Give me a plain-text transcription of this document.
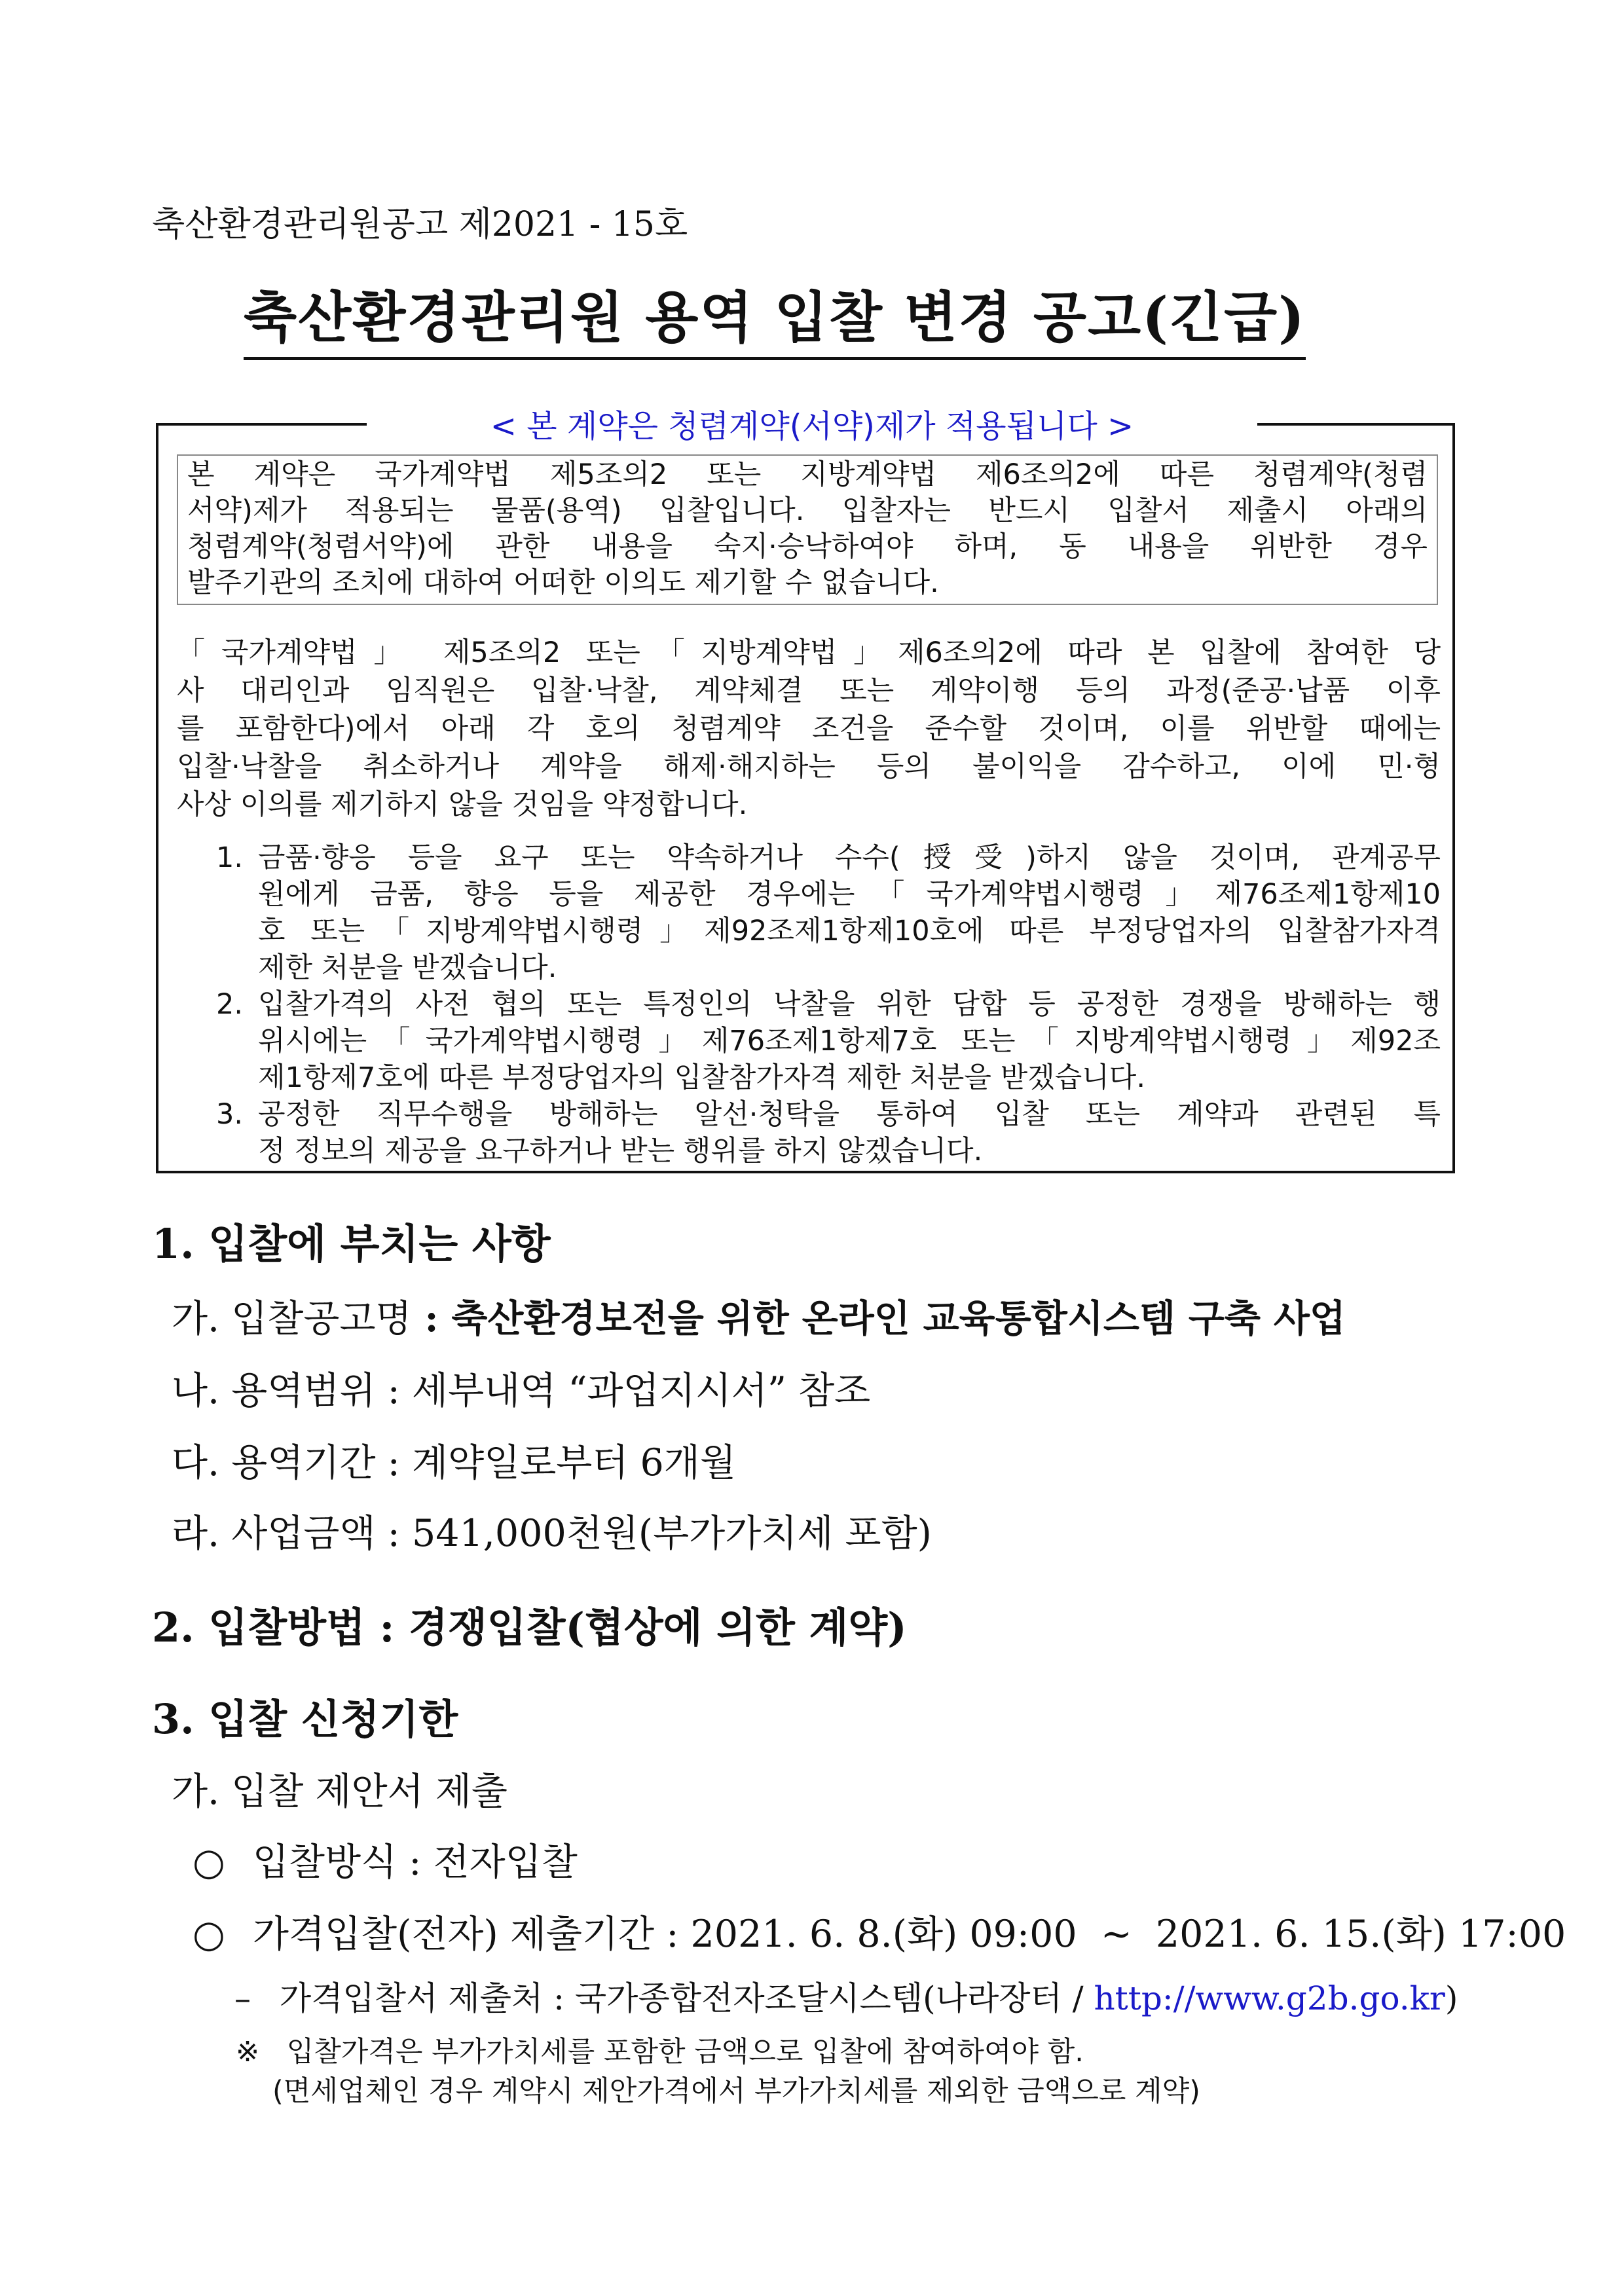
축산환경관리원공고 제2021 - 15호
축산환경관리원 용역 입찰 변경 공고(긴급)
< 본 계약은 청렴계약(서약)제가 적용됩니다 >

본 계약은 국가계약법 제5조의2 또는 지방계약법 제6조의2에 따른 청렴계약(청렴

서약)제가 적용되는 물품(용역) 입찰입니다. 입찰자는 반드시 입찰서 제출시 아래의

청렴계약(청렴서약)에 관한 내용을 숙지·승낙하여야 하며, 동 내용을 위반한 경우

발주기관의 조치에 대하여 어떠한 이의도 제기할 수 없습니다.

「국가계약법」 제5조의2 또는「지방계약법」제6조의2에 따라 본 입찰에 참여한 당

사 대리인과 임직원은 입찰·낙찰, 계약체결 또는 계약이행 등의 과정(준공·납품 이후

를 포함한다)에서 아래 각 호의 청렴계약 조건을 준수할 것이며, 이를 위반할 때에는

입찰·낙찰을 취소하거나 계약을 해제·해지하는 등의 불이익을 감수하고, 이에 민·형

사상 이의를 제기하지 않을 것임을 약정합니다.

1. 금품·향응 등을 요구 또는 약속하거나 수수(授受)하지 않을 것이며, 관계공무

원에게 금품, 향응 등을 제공한 경우에는「국가계약법시행령」제76조제1항제10

호 또는「지방계약법시행령」제92조제1항제10호에 따른 부정당업자의 입찰참가자격

제한 처분을 받겠습니다.

2. 입찰가격의 사전 협의 또는 특정인의 낙찰을 위한 담합 등 공정한 경쟁을 방해하는 행

위시에는「국가계약법시행령」제76조제1항제7호 또는「지방계약법시행령」제92조

제1항제7호에 따른 부정당업자의 입찰참가자격 제한 처분을 받겠습니다.

3. 공정한 직무수행을 방해하는 알선·청탁을 통하여 입찰 또는 계약과 관련된 특

정 정보의 제공을 요구하거나 받는 행위를 하지 않겠습니다.

1. 입찰에 부치는 사항
가. 입찰공고명 : 축산환경보전을 위한 온라인 교육통합시스템 구축 사업
나. 용역범위 : 세부내역 “과업지시서” 참조
다. 용역기간 : 계약일로부터 6개월
라. 사업금액 : 541,000천원(부가가치세 포함)
2. 입찰방법 : 경쟁입찰(협상에 의한 계약)
3. 입찰 신청기한
가. 입찰 제안서 제출
○ 입찰방식 : 전자입찰
○ 가격입찰(전자) 제출기간 : 2021. 6. 8.(화) 09:00  ~  2021. 6. 15.(화) 17:00
– 가격입찰서 제출처 : 국가종합전자조달시스템(나라장터 / http://www.g2b.go.kr)
※ 입찰가격은 부가가치세를 포함한 금액으로 입찰에 참여하여야 함.
(면세업체인 경우 계약시 제안가격에서 부가가치세를 제외한 금액으로 계약)
